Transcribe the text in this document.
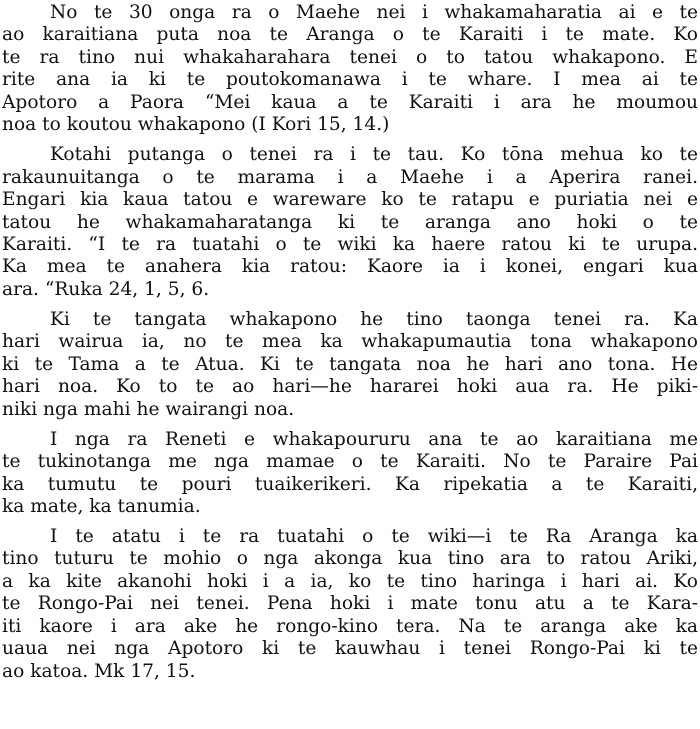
No te 30 onga ra o Maehe nei i whakamaharatia ai e te
ao karaitiana puta noa te Aranga o te Karaiti i te mate. Ko
te ra tino nui whakaharahara tenei o to tatou whakapono. E
rite ana ia ki te poutokomanawa i te whare. I mea ai te
Apotoro a Paora “Mei kaua a te Karaiti i ara he moumou
noa to koutou whakapono (I Kori 15, 14.)
Kotahi putanga o tenei ra i te tau. Ko tōna mehua ko te
rakaunuitanga o te marama i a Maehe i a Aperira ranei.
Engari kia kaua tatou e wareware ko te ratapu e puriatia nei e
tatou he whakamaharatanga ki te aranga ano hoki o te
Karaiti. “I te ra tuatahi o te wiki ka haere ratou ki te urupa.
Ka mea te anahera kia ratou: Kaore ia i konei, engari kua
ara. “Ruka 24, 1, 5, 6.
Ki te tangata whakapono he tino taonga tenei ra. Ka
hari wairua ia, no te mea ka whakapumautia tona whakapono
ki te Tama a te Atua. Ki te tangata noa he hari ano tona. He
hari noa. Ko to te ao hari—he hararei hoki aua ra. He piki-
niki nga mahi he wairangi noa.
I nga ra Reneti e whakapoururu ana te ao karaitiana me
te tukinotanga me nga mamae o te Karaiti. No te Paraire Pai
ka tumutu te pouri tuaikerikeri. Ka ripekatia a te Karaiti,
ka mate, ka tanumia.
I te atatu i te ra tuatahi o te wiki—i te Ra Aranga ka
tino tuturu te mohio o nga akonga kua tino ara to ratou Ariki,
a ka kite akanohi hoki i a ia, ko te tino haringa i hari ai. Ko
te Rongo-Pai nei tenei. Pena hoki i mate tonu atu a te Kara-
iti kaore i ara ake he rongo-kino tera. Na te aranga ake ka
uaua nei nga Apotoro ki te kauwhau i tenei Rongo-Pai ki te
ao katoa. Mk 17, 15.
